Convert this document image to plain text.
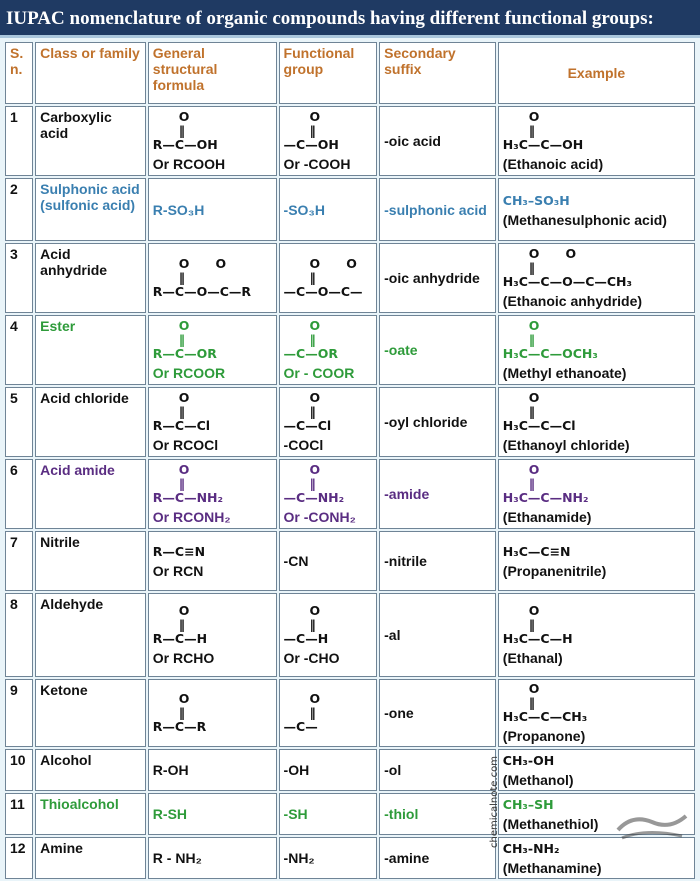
IUPAC nomenclature of organic compounds having different functional groups:
S. n.	Class or family	General structural formula	Functional group	Secondary suffix	Example
1	Carboxylic acid	O
‖
R—C—OH
Or RCOOH	O
‖
—C—OH
Or -COOH	-oic acid	O
‖
H₃C—C—OH
(Ethanoic acid)

2	Sulphonic acid (sulfonic acid)	R-SO₃H	-SO₃H	-sulphonic acid	CH₃–SO₃H
(Methanesulphonic acid)

3	Acid anhydride	O      O
‖
R—C—O—C—R	O      O
‖
—C—O—C—	-oic anhydride	O      O
‖
H₃C—C—O—C—CH₃
(Ethanoic anhydride)

4	Ester	O
‖
R—C—OR
Or RCOOR	O
‖
—C—OR
Or - COOR	-oate	O
‖
H₃C—C—OCH₃
(Methyl ethanoate)

5	Acid chloride	O
‖
R—C—Cl
Or RCOCl	O
‖
—C—Cl
-COCl	-oyl chloride	O
‖
H₃C—C—Cl
(Ethanoyl chloride)

6	Acid amide	O
‖
R—C—NH₂
Or RCONH₂	O
‖
—C—NH₂
Or -CONH₂	-amide	O
‖
H₃C—C—NH₂
(Ethanamide)

7	Nitrile	R—C≡N
Or RCN	-CN	-nitrile	H₃C—C≡N
(Propanenitrile)

8	Aldehyde	O
‖
R—C—H
Or RCHO	O
‖
—C—H
Or -CHO	-al	O
‖
H₃C—C—H
(Ethanal)

9	Ketone	O
‖
R—C—R	O
‖
—C—	-one	O
‖
H₃C—C—CH₃
(Propanone)

10	Alcohol	R-OH	-OH	-ol	CH₃-OH
(Methanol)

11	Thioalcohol	R-SH	-SH	-thiol	CH₃–SH
(Methanethiol)

12	Amine	R - NH₂	-NH₂	-amine	CH₃-NH₂
(Methanamine)
chemicalnote.com
